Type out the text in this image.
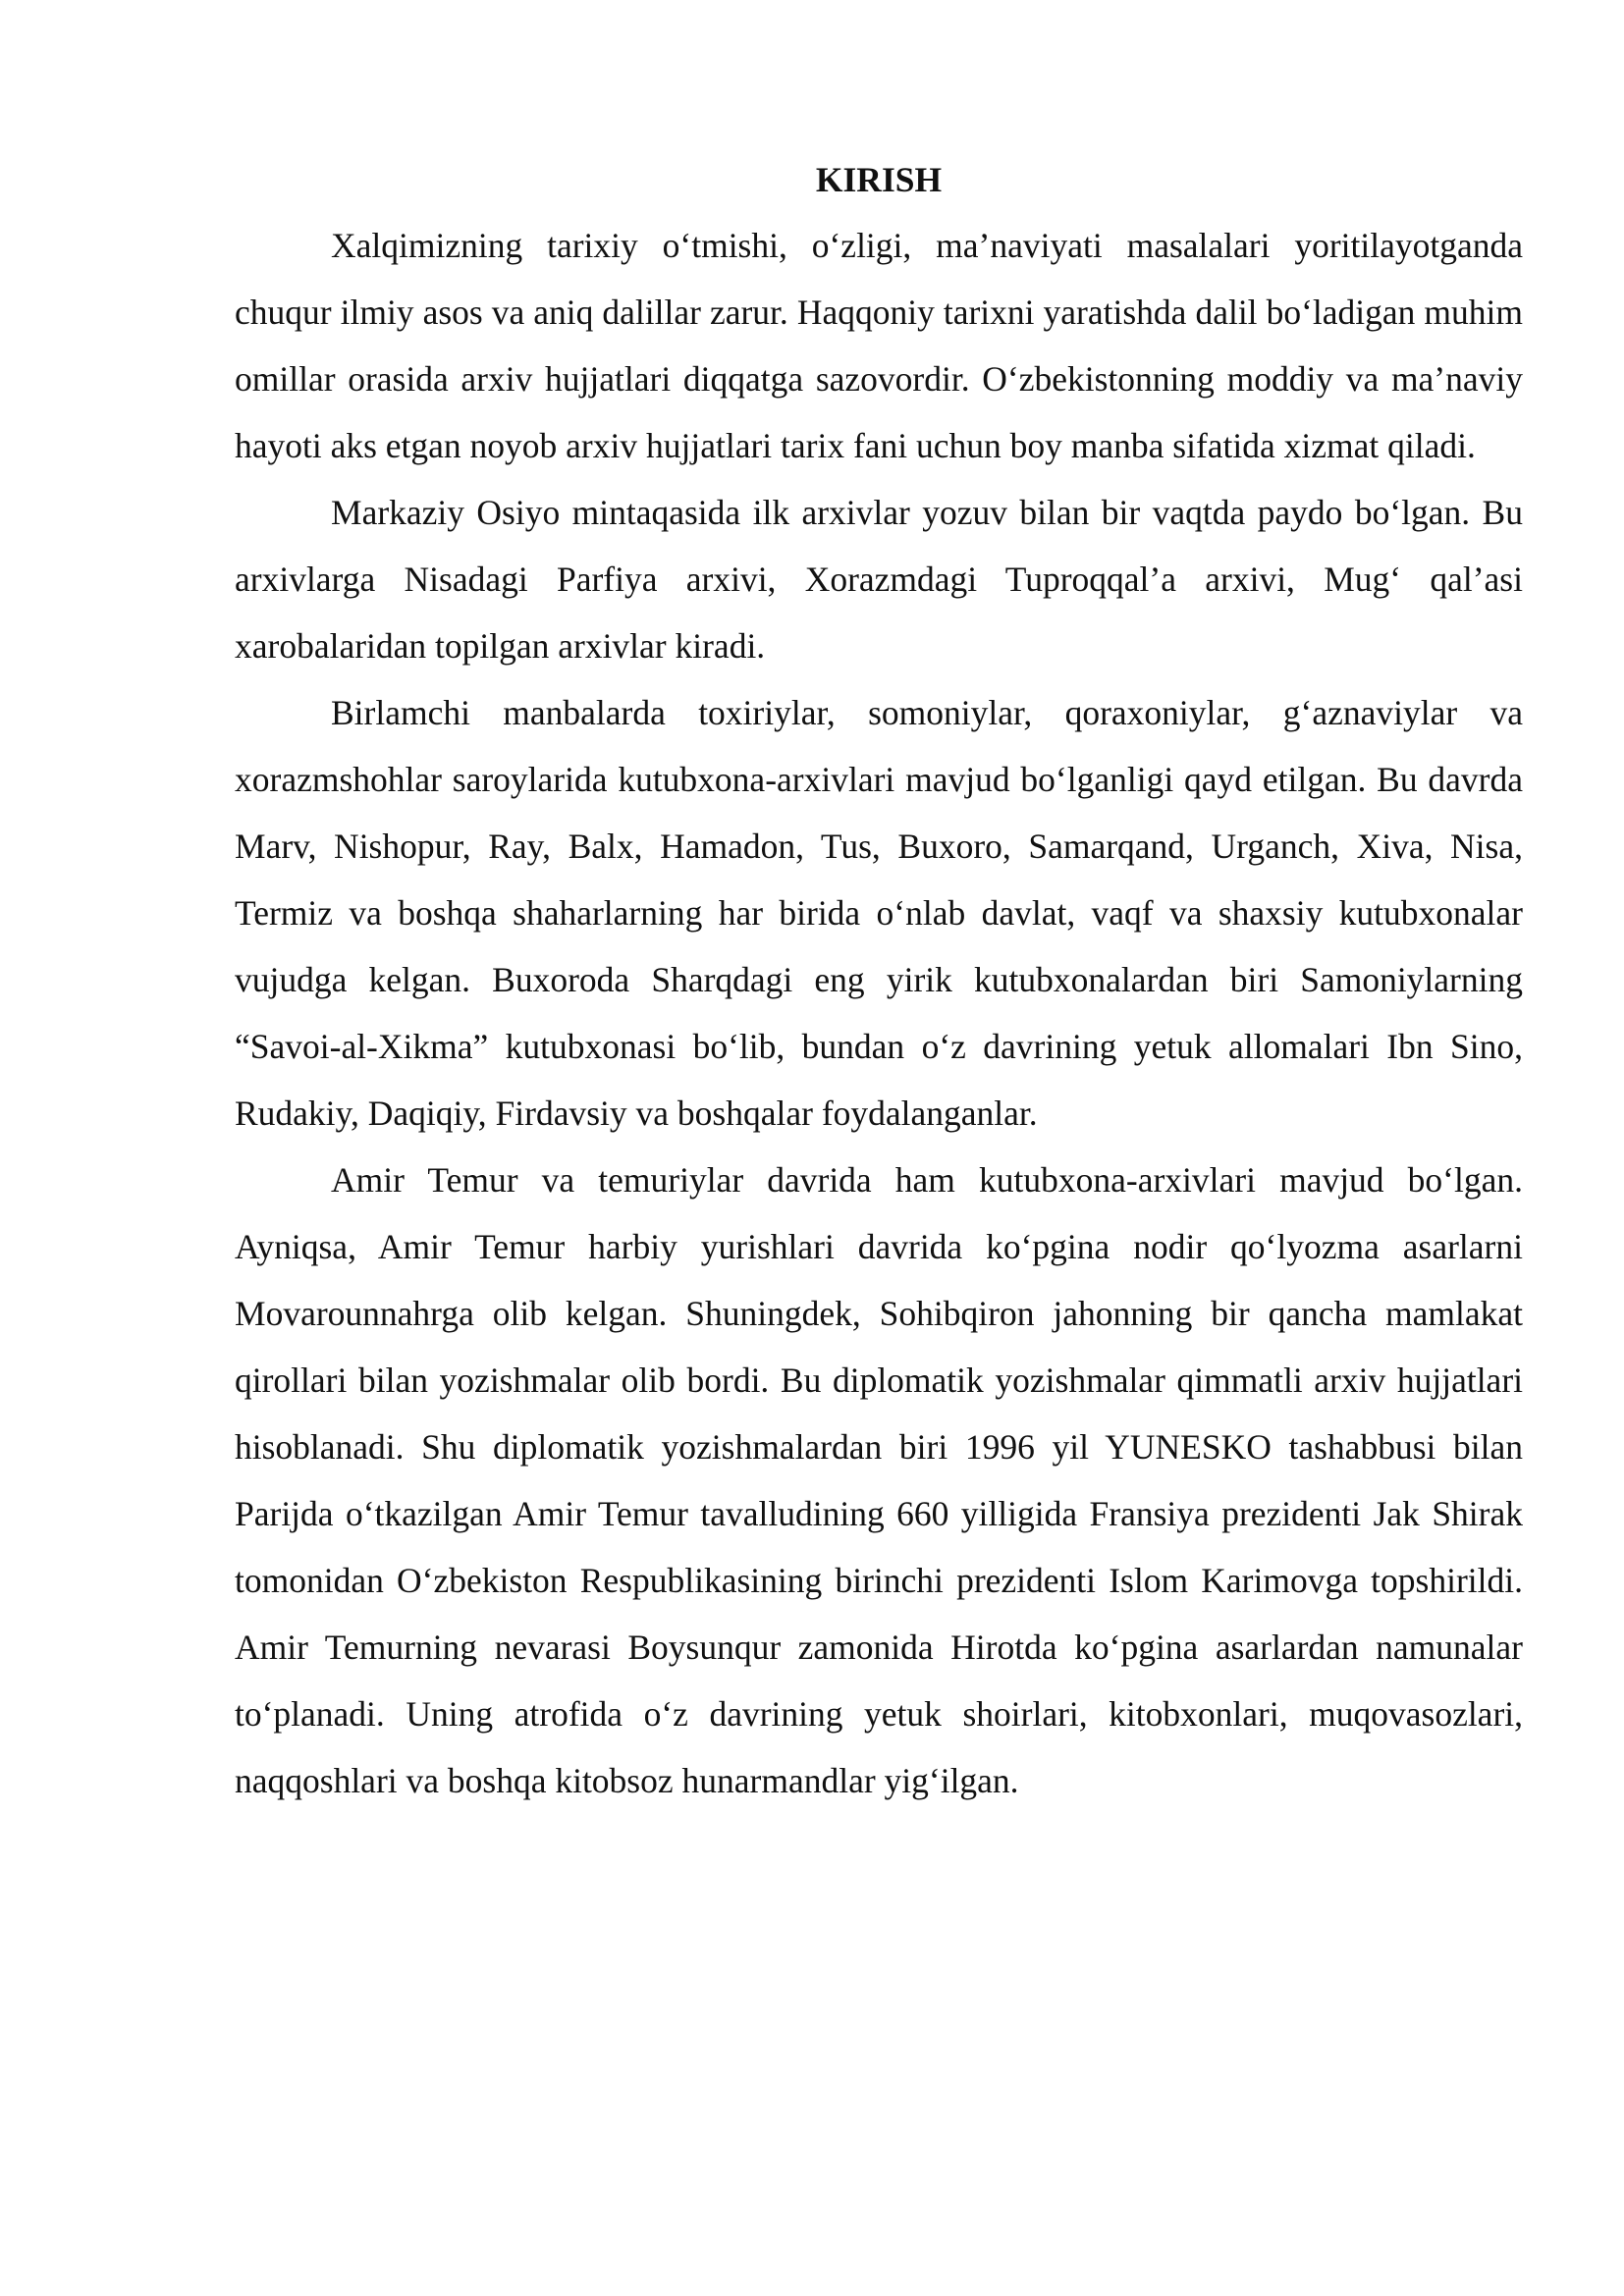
KIRISH

Xalqimizning tarixiy o‘tmishi, o‘zligi, ma’naviyati masalalari yoritilayotganda chuqur ilmiy asos va aniq dalillar zarur. Haqqoniy tarixni yaratishda dalil bo‘ladigan muhim omillar orasida arxiv hujjatlari diqqatga sazovordir. O‘zbekistonning moddiy va ma’naviy hayoti aks etgan noyob arxiv hujjatlari tarix fani uchun boy manba sifatida xizmat qiladi.

Markaziy Osiyo mintaqasida ilk arxivlar yozuv bilan bir vaqtda paydo bo‘lgan. Bu arxivlarga Nisadagi Parfiya arxivi, Xorazmdagi Tuproqqal’a arxivi, Mug‘ qal’asi xarobalaridan topilgan arxivlar kiradi.

Birlamchi manbalarda toxiriylar, somoniylar, qoraxoniylar, g‘aznaviylar va xorazmshohlar saroylarida kutubxona-arxivlari mavjud bo‘lganligi qayd etilgan. Bu davrda Marv, Nishopur, Ray, Balx, Hamadon, Tus, Buxoro, Samarqand, Urganch, Xiva, Nisa, Termiz va boshqa shaharlarning har birida o‘nlab davlat, vaqf va shaxsiy kutubxonalar vujudga kelgan. Buxoroda Sharqdagi eng yirik kutubxonalardan biri Samoniylarning “Savoi-al-Xikma” kutubxonasi bo‘lib, bundan o‘z davrining yetuk allomalari Ibn Sino, Rudakiy, Daqiqiy, Firdavsiy va boshqalar foydalanganlar.

Amir Temur va temuriylar davrida ham kutubxona-arxivlari mavjud bo‘lgan. Ayniqsa, Amir Temur harbiy yurishlari davrida ko‘pgina nodir qo‘lyozma asarlarni Movarounnahrga olib kelgan. Shuningdek, Sohibqiron jahonning bir qancha mamlakat qirollari bilan yozishmalar olib bordi. Bu diplomatik yozishmalar qimmatli arxiv hujjatlari hisoblanadi. Shu diplomatik yozishmalardan biri 1996 yil YUNESKO tashabbusi bilan Parijda o‘tkazilgan Amir Temur tavalludining 660 yilligida Fransiya prezidenti Jak Shirak tomonidan O‘zbekiston Respublikasining birinchi prezidenti Islom Karimovga topshirildi. Amir Temurning nevarasi Boysunqur zamonida Hirotda ko‘pgina asarlardan namunalar to‘planadi. Uning atrofida o‘z davrining yetuk shoirlari, kitobxonlari, muqovasozlari, naqqoshlari va boshqa kitobsoz hunarmandlar yig‘ilgan.
